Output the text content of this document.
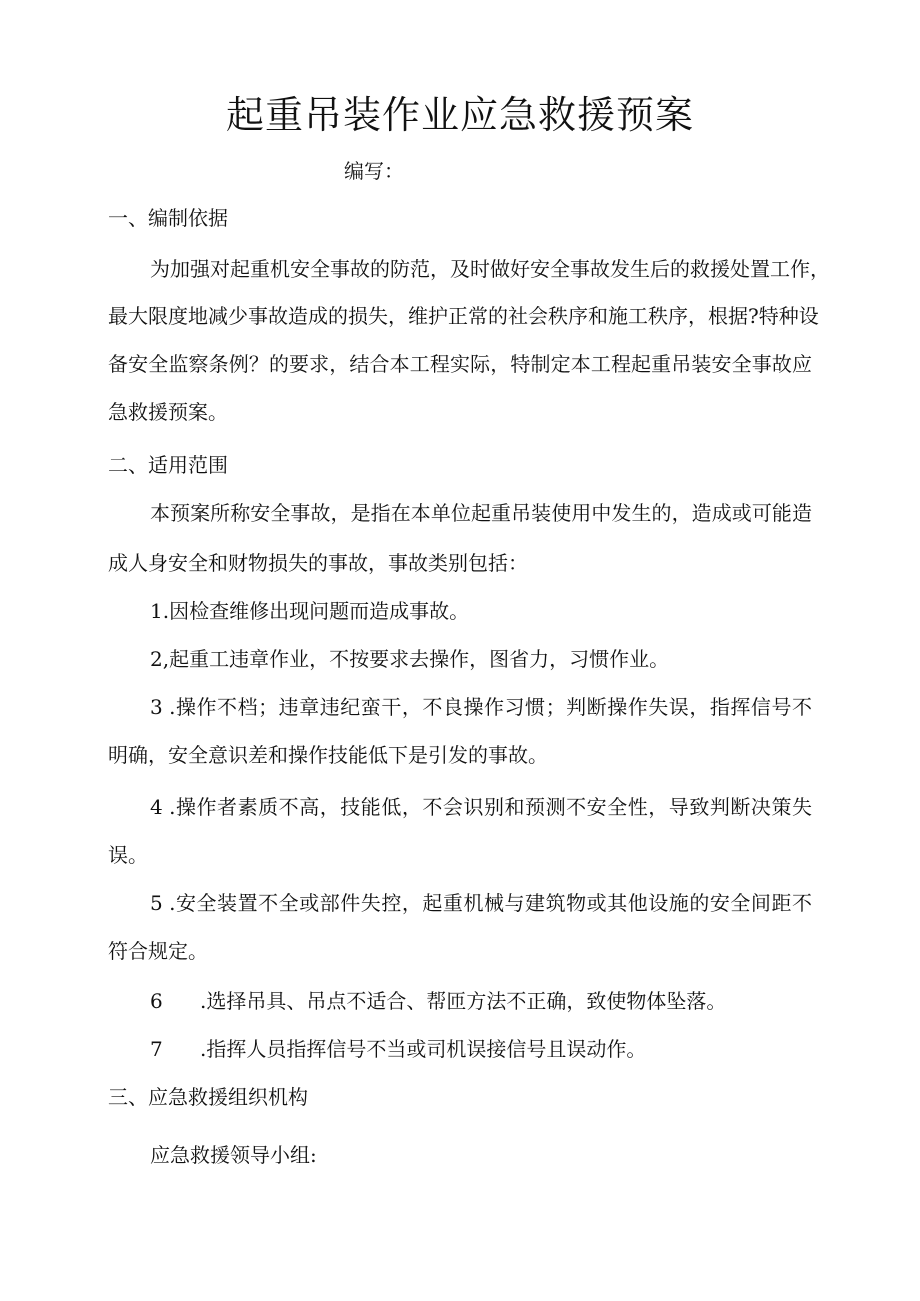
起重吊装作业应急救援预案
编写：
一、编制依据
为加强对起重机安全事故的防范，及时做好安全事故发生后的救援处置工作，
最大限度地减少事故造成的损失，维护正常的社会秩序和施工秩序，根据?特种设
备安全监察条例？的要求，结合本工程实际，特制定本工程起重吊装安全事故应
急救援预案。
二、适用范围
本预案所称安全事故，是指在本单位起重吊装使用中发生的，造成或可能造
成人身安全和财物损失的事故，事故类别包括：
1.因检查维修出现问题而造成事故。
2,起重工违章作业，不按要求去操作，图省力，习惯作业。
3 .操作不档；违章违纪蛮干，不良操作习惯；判断操作失误，指挥信号不
明确，安全意识差和操作技能低下是引发的事故。
4 .操作者素质不高，技能低，不会识别和预测不安全性，导致判断决策失
误。
5 .安全装置不全或部件失控，起重机械与建筑物或其他设施的安全间距不
符合规定。
6 .选择吊具、吊点不适合、帮匝方法不正确，致使物体坠落。
7 .指挥人员指挥信号不当或司机误接信号且误动作。
三、应急救援组织机构
应急救援领导小组:
